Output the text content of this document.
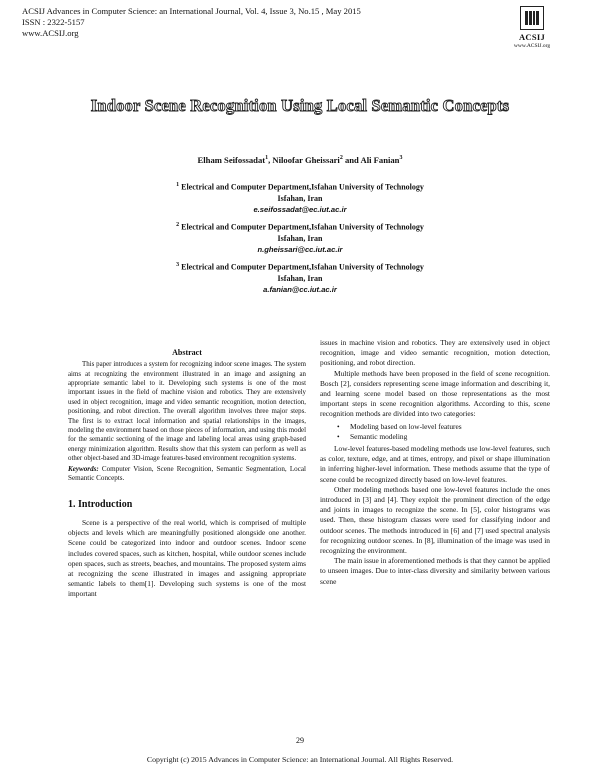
ACSIJ Advances in Computer Science: an International Journal, Vol. 4, Issue 3, No.15 , May 2015
ISSN : 2322-5157
www.ACSIJ.org	ACSIJ
www.ACSIJ.org
Indoor Scene Recognition Using Local Semantic Concepts
Elham Seifossadat$^1$, Niloofar Gheissari$^2$ and Ali Fanian$^3$
$^1$ Electrical and Computer Department,Isfahan University of Technology
Isfahan, Iran
e.seifossadat@ec.iut.ac.ir
$^2$ Electrical and Computer Department,Isfahan University of Technology
Isfahan, Iran
n.gheissari@cc.iut.ac.ir
$^3$ Electrical and Computer Department,Isfahan University of Technology
Isfahan, Iran
a.fanian@cc.iut.ac.ir
Abstract

This paper introduces a system for recognizing indoor scene images. The system aims at recognizing the environment illustrated in an image and assigning an appropriate semantic label to it. Developing such systems is one of the most important issues in the field of machine vision and robotics. They are extensively used in object recognition, image and video semantic recognition, motion detection, positioning, and robot direction. The overall algorithm involves three major steps. The first is to extract local information and spatial relationships in the images, modeling the environment based on those pieces of information, and using this model for the semantic sectioning of the image and labeling local areas using graph-based energy minimization algorithm. Results show that this system can perform as well as other object-based and 3D-image features-based environment recognition systems.

Keywords: Computer Vision, Scene Recognition, Semantic Segmentation, Local Semantic Concepts.
1. Introduction

Scene is a perspective of the real world, which is comprised of multiple objects and levels which are meaningfully positioned alongside one another. Scene could be categorized into indoor and outdoor scenes. Indoor scene includes covered spaces, such as kitchen, hospital, while outdoor scenes include open spaces, such as streets, beaches, and mountains. The proposed system aims at recognizing the scene illustrated in images and assigning appropriate semantic labels to them[1]. Developing such systems is one of the most important

issues in machine vision and robotics. They are extensively used in object recognition, image and video semantic recognition, motion detection, positioning, and robot direction.

Multiple methods have been proposed in the field of scene recognition. Bosch [2], considers representing scene image information and describing it, and learning scene model based on those representations as the most important steps in scene recognition algorithms. According to this, scene recognition methods are divided into two categories:

• Modeling based on low-level features
• Semantic modeling

Low-level features-based modeling methods use low-level features, such as color, texture, edge, and at times, entropy, and pixel or shape illumination in inferring higher-level information. These methods assume that the type of scene could be recognized directly based on low-level features.

Other modeling methods based one low-level features include the ones introduced in [3] and [4]. They exploit the prominent direction of the edge and joints in images to recognize the scene. In [5], color histograms was used. Then, these histogram classes were used for classifying indoor and outdoor scenes. The methods introduced in [6] and [7] used spectral analysis for recognizing outdoor scenes. In [8], illumination of the image was used in recognizing the environment.

The main issue in aforementioned methods is that they cannot be applied to unseen images. Due to inter-class diversity and similarity between various scene

29
Copyright (c) 2015 Advances in Computer Science: an International Journal. All Rights Reserved.
